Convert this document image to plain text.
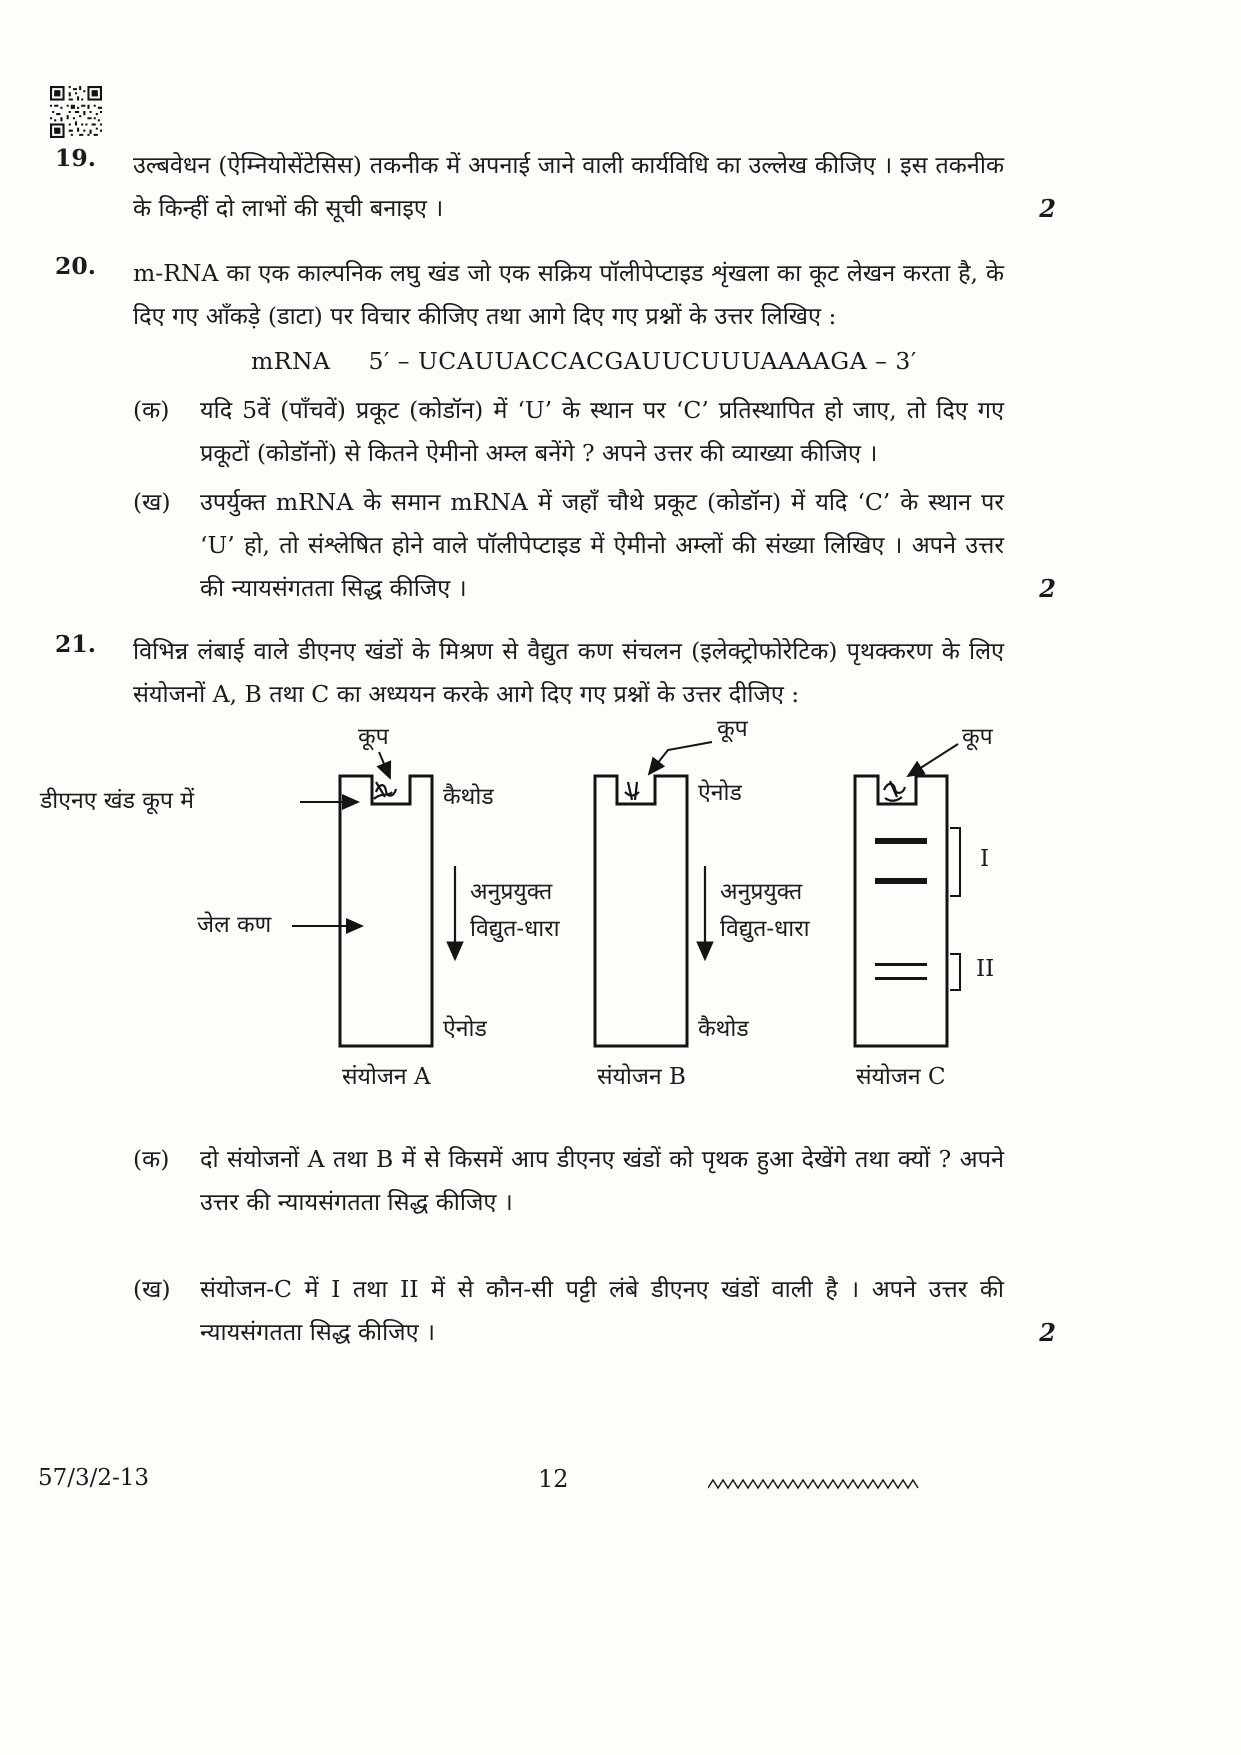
19.	उल्बवेधन (ऐम्नियोसेंटेसिस) तकनीक में अपनाई जाने वाली कार्यविधि का उल्लेख कीजिए । इस तकनीक के किन्हीं दो लाभों की सूची बनाइए ।	2
20.	m-RNA का एक काल्पनिक लघु खंड जो एक सक्रिय पॉलीपेप्टाइड शृंखला का कूट लेखन करता है, के दिए गए आँकड़े (डाटा) पर विचार कीजिए तथा आगे दिए गए प्रश्नों के उत्तर लिखिए :
mRNA 5′ – UCAUUACCACGAUUCUUUAAAAGA – 3′
(क)	यदि 5वें (पाँचवें) प्रकूट (कोडॉन) में ‘U’ के स्थान पर ‘C’ प्रतिस्थापित हो जाए, तो दिए गए प्रकूटों (कोडॉनों) से कितने ऐमीनो अम्ल बनेंगे ? अपने उत्तर की व्याख्या कीजिए ।
(ख)	उपर्युक्त mRNA के समान mRNA में जहाँ चौथे प्रकूट (कोडॉन) में यदि ‘C’ के स्थान पर ‘U’ हो, तो संश्लेषित होने वाले पॉलीपेप्टाइड में ऐमीनो अम्लों की संख्या लिखिए । अपने उत्तर की न्यायसंगतता सिद्ध कीजिए ।	2
21.	विभिन्न लंबाई वाले डीएनए खंडों के मिश्रण से वैद्युत कण संचलन (इलेक्ट्रोफोरेटिक) पृथक्करण के लिए संयोजनों A, B तथा C का अध्ययन करके आगे दिए गए प्रश्नों के उत्तर दीजिए :
कूप	कूप	कूप
डीएनए खंड कूप में	कैथोड	ऐनोड
जेल कण
अनुप्रयुक्त
विद्युत-धारा
अनुप्रयुक्त
विद्युत-धारा
ऐनोड	कैथोड
I
II
संयोजन A	संयोजन B	संयोजन C
(क)	दो संयोजनों A तथा B में से किसमें आप डीएनए खंडों को पृथक हुआ देखेंगे तथा क्यों ? अपने उत्तर की न्यायसंगतता सिद्ध कीजिए ।
(ख)	संयोजन-C में I तथा II में से कौन-सी पट्टी लंबे डीएनए खंडों वाली है । अपने उत्तर की न्यायसंगतता सिद्ध कीजिए ।	2
57/3/2-13	12
